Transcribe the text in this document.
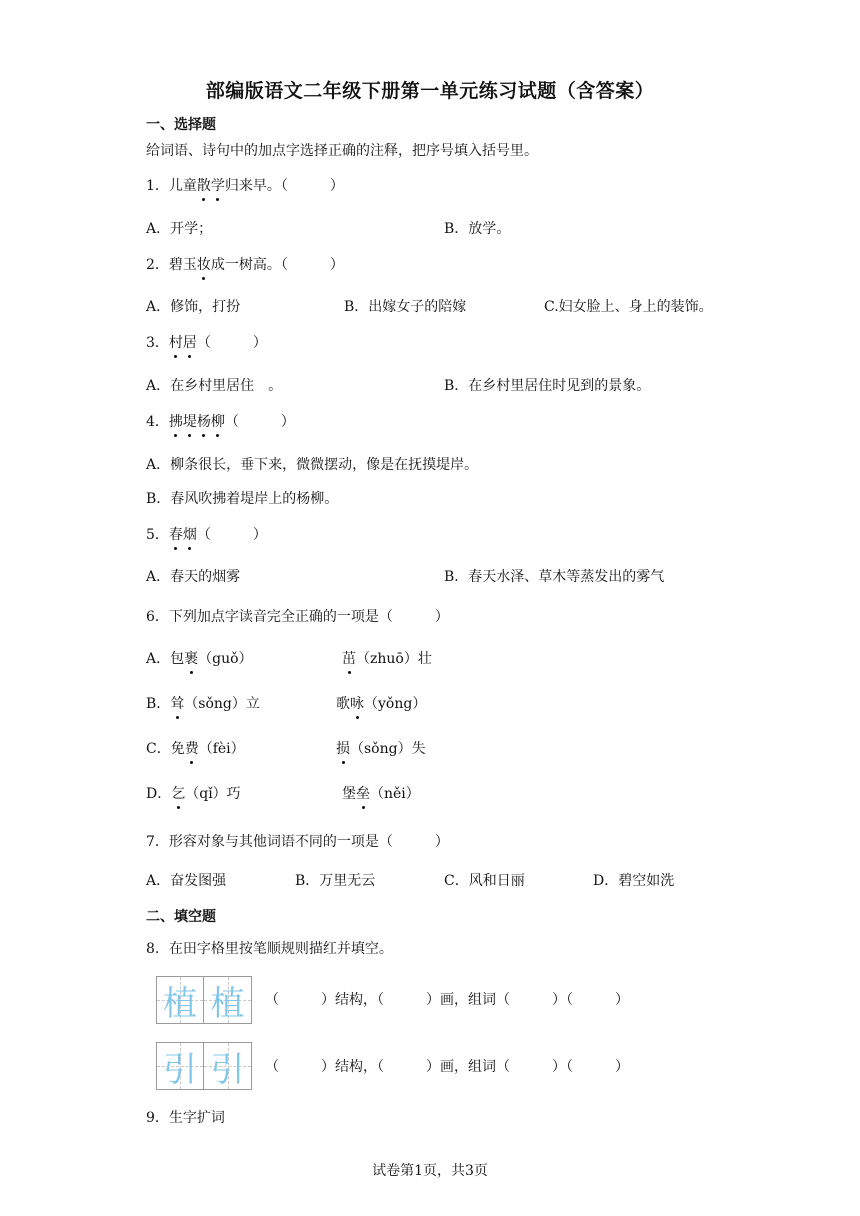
部编版语文二年级下册第一单元练习试题（含答案）
一、选择题
给词语、诗句中的加点字选择正确的注释，把序号填入括号里。
1．儿童散学归来早。（　　　）
A．开学；	B．放学。
2．碧玉妆成一树高。（　　　）
A．修饰，打扮	B．出嫁女子的陪嫁	C.妇女脸上、身上的装饰。
3．村居（　　　）
A．在乡村里居住　。	B．在乡村里居住时见到的景象。
4．拂堤杨柳（　　　）
A．柳条很长，垂下来，微微摆动，像是在抚摸堤岸。
B．春风吹拂着堤岸上的杨柳。
5．春烟（　　　）
A．春天的烟雾	B．春天水泽、草木等蒸发出的雾气
6．下列加点字读音完全正确的一项是（　　　）
A．包裹（guǒ）	茁（zhuō）壮
B．耸（sǒng）立	歌咏（yǒng）
C．免费（fèi）	损（sǒng）失
D．乞（qǐ）巧	堡垒（něi）
7．形容对象与其他词语不同的一项是（　　　）
A．奋发图强	B．万里无云	C．风和日丽	D．碧空如洗
二、填空题
8．在田字格里按笔顺规则描红并填空。
植 植 （　　　）结构，（　　　）画，组词（　　　）（　　　）
引 引 （　　　）结构，（　　　）画，组词（　　　）（　　　）
9．生字扩词
试卷第1页，共3页
